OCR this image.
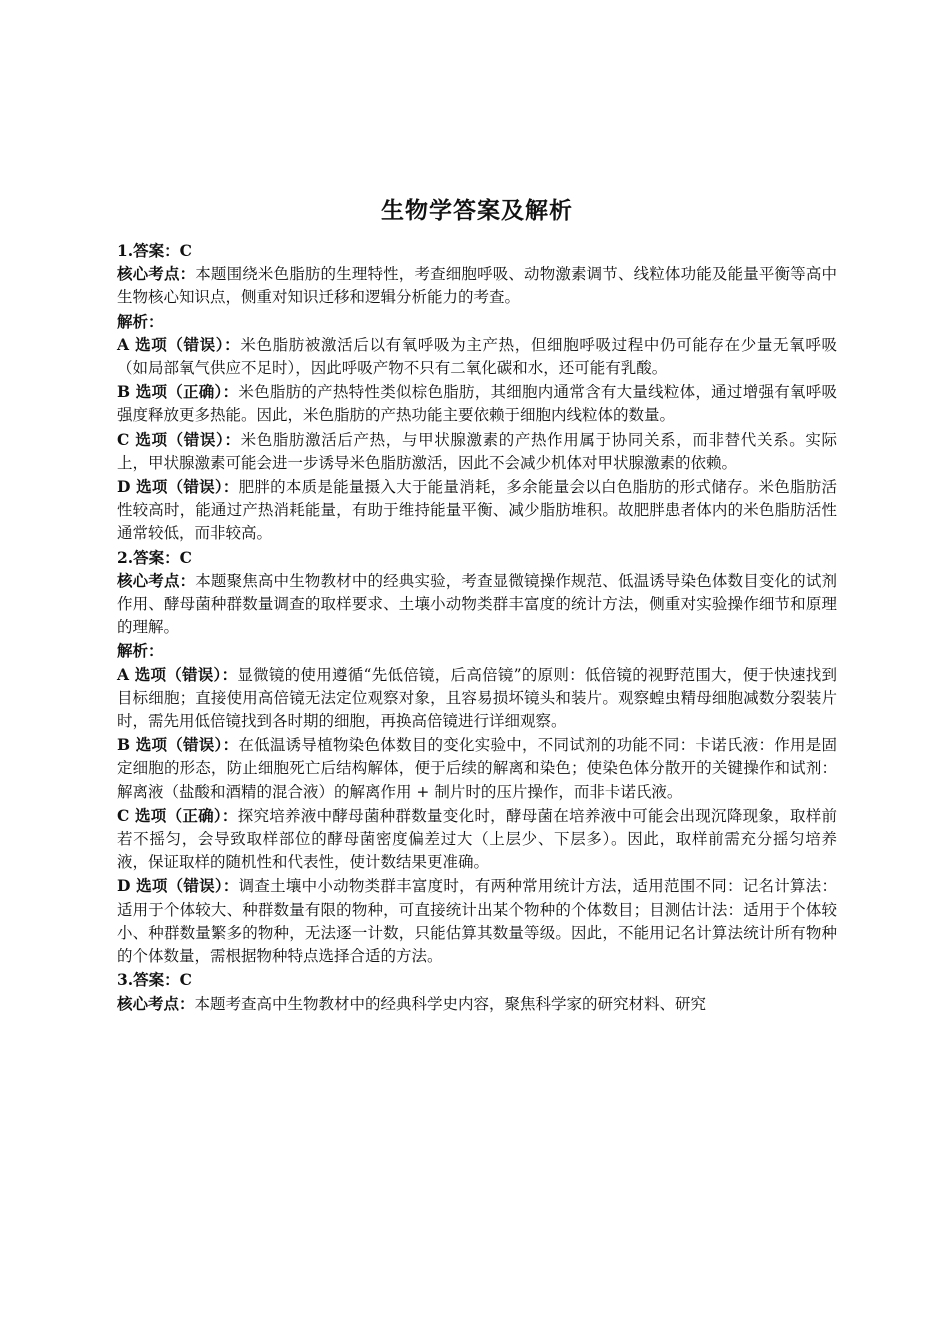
生物学答案及解析

1.答案：C

核心考点：本题围绕米色脂肪的生理特性，考查细胞呼吸、动物激素调节、线粒体功能及能量平衡等高中生物核心知识点，侧重对知识迁移和逻辑分析能力的考查。

解析：

A 选项（错误）：米色脂肪被激活后以有氧呼吸为主产热，但细胞呼吸过程中仍可能存在少量无氧呼吸（如局部氧气供应不足时），因此呼吸产物不只有二氧化碳和水，还可能有乳酸。

B 选项（正确）：米色脂肪的产热特性类似棕色脂肪，其细胞内通常含有大量线粒体，通过增强有氧呼吸强度释放更多热能。因此，米色脂肪的产热功能主要依赖于细胞内线粒体的数量。

C 选项（错误）：米色脂肪激活后产热，与甲状腺激素的产热作用属于协同关系，而非替代关系。实际上，甲状腺激素可能会进一步诱导米色脂肪激活，因此不会减少机体对甲状腺激素的依赖。

D 选项（错误）：肥胖的本质是能量摄入大于能量消耗，多余能量会以白色脂肪的形式储存。米色脂肪活性较高时，能通过产热消耗能量，有助于维持能量平衡、减少脂肪堆积。故肥胖患者体内的米色脂肪活性通常较低，而非较高。

2.答案：C

核心考点：本题聚焦高中生物教材中的经典实验，考查显微镜操作规范、低温诱导染色体数目变化的试剂作用、酵母菌种群数量调查的取样要求、土壤小动物类群丰富度的统计方法，侧重对实验操作细节和原理的理解。

解析：

A 选项（错误）：显微镜的使用遵循“先低倍镜，后高倍镜”的原则：低倍镜的视野范围大，便于快速找到目标细胞；直接使用高倍镜无法定位观察对象，且容易损坏镜头和装片。观察蝗虫精母细胞减数分裂装片时，需先用低倍镜找到各时期的细胞，再换高倍镜进行详细观察。

B 选项（错误）：在低温诱导植物染色体数目的变化实验中，不同试剂的功能不同：卡诺氏液：作用是固定细胞的形态，防止细胞死亡后结构解体，便于后续的解离和染色；使染色体分散开的关键操作和试剂：解离液（盐酸和酒精的混合液）的解离作用 + 制片时的压片操作，而非卡诺氏液。

C 选项（正确）：探究培养液中酵母菌种群数量变化时，酵母菌在培养液中可能会出现沉降现象，取样前若不摇匀，会导致取样部位的酵母菌密度偏差过大（上层少、下层多）。因此，取样前需充分摇匀培养液，保证取样的随机性和代表性，使计数结果更准确。

D 选项（错误）：调查土壤中小动物类群丰富度时，有两种常用统计方法，适用范围不同：记名计算法：适用于个体较大、种群数量有限的物种，可直接统计出某个物种的个体数目；目测估计法：适用于个体较小、种群数量繁多的物种，无法逐一计数，只能估算其数量等级。因此，不能用记名计算法统计所有物种的个体数量，需根据物种特点选择合适的方法。

3.答案：C

核心考点：本题考查高中生物教材中的经典科学史内容，聚焦科学家的研究材料、研究
